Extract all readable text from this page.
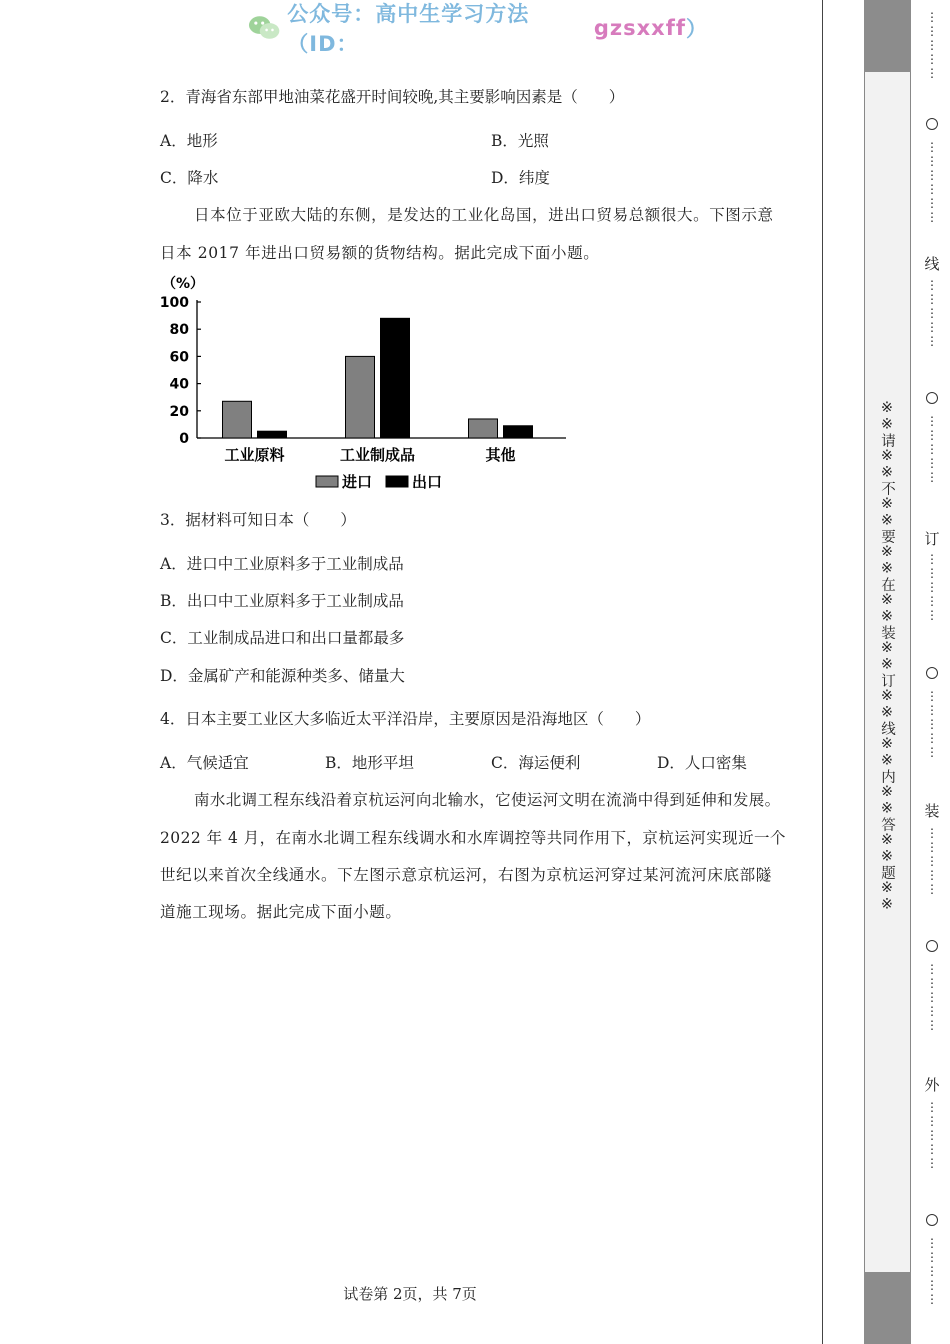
公众号：高中生学习方法（ID：
gzsxxff ）
2．青海省东部甲地油菜花盛开时间较晚,其主要影响因素是（　　）
A．地形	B．光照
C．降水	D．纬度
日本位于亚欧大陆的东侧，是发达的工业化岛国，进出口贸易总额很大。下图示意
日本 2017 年进出口贸易额的货物结构。据此完成下面小题。
（%）
100
80
60
40
20
0
工业原料	工业制成品	其他
进口	出口
3．据材料可知日本（　　）
A．进口中工业原料多于工业制成品
B．出口中工业原料多于工业制成品
C．工业制成品进口和出口量都最多
D．金属矿产和能源种类多、储量大
4．日本主要工业区大多临近太平洋沿岸，主要原因是沿海地区（　　）
A．气候适宜	B．地形平坦	C．海运便利	D．人口密集
南水北调工程东线沿着京杭运河向北输水，它使运河文明在流淌中得到延伸和发展。
2022 年 4 月，在南水北调工程东线调水和水库调控等共同作用下，京杭运河实现近一个
世纪以来首次全线通水。下左图示意京杭运河，右图为京杭运河穿过某河流河床底部隧
道施工现场。据此完成下面小题。
试卷第 2页，共 7页
※※请※※不※※要※※在※※装※※订※※线※※内※※答※※题※※
⋮
⋮
⋮
⋮
⋮
⋮
⋮
⋮
⋮
⋮
⋮
线
⋮
⋮
⋮
⋮
⋮
⋮
⋮
⋮
⋮
⋮
订
⋮
⋮
⋮
⋮
⋮
⋮
⋮
⋮
⋮
⋮
装
⋮
⋮
⋮
⋮
⋮
⋮
⋮
⋮
⋮
⋮
外
⋮
⋮
⋮
⋮
⋮
⋮
⋮
⋮
⋮
⋮
